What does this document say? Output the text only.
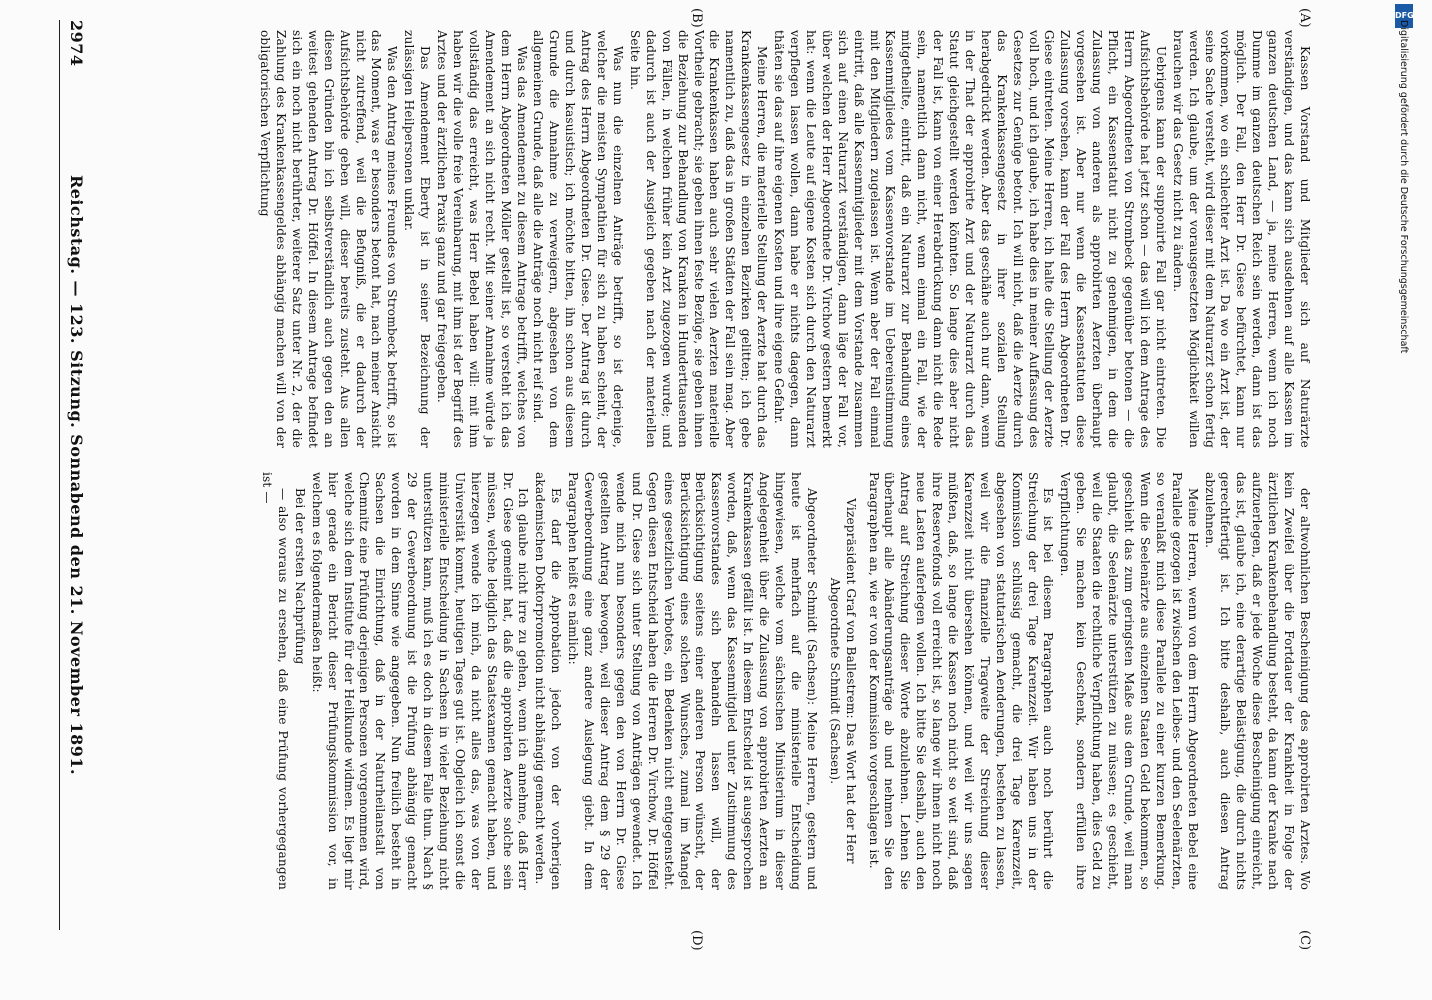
2974
Reichstag. — 123. Sitzung. Sonnabend den 21. November 1891.
(A)
(B)
(C)
(D)

Kassen Vorstand und Mitglieder sich auf Naturärzte verständigen, und das kann sich ausdehnen auf alle Kassen im ganzen deutschen Land, — ja, meine Herren, wenn ich noch Dumme im ganzen deutschen Reich sein werden, dann ist das möglich. Der Fall, den Herr Dr. Giese befürchtet, kann nur vorkommen, wo ein schlechter Arzt ist. Da wo ein Arzt ist, der seine Sache versteht, wird dieser mit dem Naturarzt schon fertig werden. Ich glaube, um der vorausgesetzten Möglichkeit willen brauchen wir das Gesetz nicht zu ändern.

Uebrigens kann der supponirte Fall gar nicht eintreten. Die Aufsichtsbehörde hat jetzt schon — das will ich dem Antrage des Herrn Abgeordneten von Strombeck gegenüber betonen — die Pflicht, ein Kassenstatut nicht zu genehmigen, in dem die Zulassung von anderen als approbirten Aerzten überhaupt vorgesehen ist. Aber nur wenn die Kassenstatuten diese Zulassung vorsehen, kann der Fall des Herrn Abgeordneten Dr. Giese eintreten. Meine Herren, ich halte die Stellung der Aerzte voll hoch, und ich glaube, ich habe dies in meiner Auffassung des Gesetzes zur Genüge betont. Ich will nicht, daß die Aerzte durch das Krankenkassengesetz in ihrer sozialen Stellung herabgedrückt werden. Aber das geschähe auch nur dann, wenn in der That der approbirte Arzt und der Naturarzt durch das Statut gleichgestellt werden könnten. So lange dies aber nicht der Fall ist, kann von einer Herabdrückung dann nicht die Rede sein, namentlich dann nicht, wenn einmal ein Fall, wie der mitgetheilte, eintritt, daß ein Naturarzt zur Behandlung eines Kassenmitgliedes vom Kassenvorstande im Uebereinstimmung mit den Mitgliedern zugelassen ist. Wenn aber der Fall einmal eintritt, daß alle Kassenmitglieder mit dem Vorstande zusammen sich auf einen Naturarzt verständigen, dann läge der Fall vor, über welchen der Herr Abgeordnete Dr. Virchow gestern bemerkt hat: wenn die Leute auf eigene Kosten sich durch den Naturarzt verpflegen lassen wollen, dann habe er nichts dagegen, dann thäten sie das auf ihre eigenen Kosten und ihre eigene Gefahr.

Meine Herren, die materielle Stellung der Aerzte hat durch das Krankenkassengesetz in einzelnen Bezirken gelitten; ich gebe namentlich zu, daß das in großen Städten der Fall sein mag. Aber die Krankenkassen haben auch sehr vielen Aerzten materielle Vortheile gebracht; sie geben ihnen feste Bezüge, sie geben ihnen die Beziehung zur Behandlung von Kranken in Hunderttausenden von Fällen, in welchen früher kein Arzt zugezogen wurde; und dadurch ist auch der Ausgleich gegeben nach der materiellen Seite hin.

Was nun die einzelnen Anträge betrifft, so ist derjenige, welcher die meisten Sympathien für sich zu haben scheint, der Antrag des Herrn Abgeordneten Dr. Giese. Der Antrag ist durch und durch kasuistisch; ich möchte bitten, ihn schon aus diesem Grunde die Annahme zu verweigern, abgesehen von dem allgemeinen Grunde, daß alle die Anträge noch nicht reif sind.

Was das Amendement zu diesem Antrage betrifft, welches von dem Herrn Abgeordneten Möller gestellt ist, so versteht ich das Amendement an sich nicht recht. Mit seiner Annahme würde ja vollständig das erreicht, was Herr Bebel haben will: mit ihm haben wir die volle freie Vereinbarung, mit ihm ist der Begriff des Arztes und der ärztlichen Praxis ganz und gar freigegeben.

Das Amendement Eberty ist in seiner Bezeichnung der zulässigen Heilpersonen unklar.

Was den Antrag meines Freundes von Strombeck betrifft, so ist das Moment, was er besonders betont hat, nach meiner Ansicht nicht zutreffend, weil die Befugniß, die er dadurch der Aufsichtsbehörde geben will, dieser bereits zusteht. Aus allen diesen Gründen bin ich selbstverständlich auch gegen den an weitest gehenden Antrag Dr. Höffel. In diesem Antrage befindet sich ein noch nicht berührter, weiterer Satz unter Nr. 2, der die Zahlung des Krankenkassengeldes abhängig machen will von der obligatorischen Verpflichtung

der altwohnlichen Bescheinigung des approbirten Arztes. Wo kein Zweifel über die Fortdauer der Krankheit in Folge der ärztlichen Krankenbehandlung besteht, da kann der Kranke nach aufzuerlegen, daß er jede Woche diese Bescheinigung einreicht, das ist, glaube ich, eine derartige Belästigung, die durch nichts gerechtfertigt ist. Ich bitte deshalb, auch diesen Antrag abzulehnen.

Meine Herren, wenn von dem Herrn Abgeordneten Bebel eine Parallele gezogen ist zwischen den Leibes- und den Seelenärzten, so veranlaßt mich diese Parallele zu einer kurzen Bemerkung. Wenn die Seelenärzte aus einzelnen Staaten Geld bekommen, so geschieht das zum geringsten Maße aus dem Grunde, weil man glaubt, die Seelenärzte unterstützen zu müssen; es geschieht, weil die Staaten die rechtliche Verpflichtung haben, dies Geld zu geben. Sie machen kein Geschenk, sondern erfüllen ihre Verpflichtungen.

Es ist bei diesem Paragraphen auch noch berührt die Streichung der drei Tage Karenzzeit. Wir haben uns in der Kommission schlüssig gemacht, die drei Tage Karenzzeit, abgesehen von statutarischen Aenderungen, bestehen zu lassen, weil wir die finanzielle Tragweite der Streichung dieser Karenzzeit nicht übersehen können, und weil wir uns sagen müßten, daß, so lange die Kassen noch nicht so weit sind, daß ihre Reservefonds voll erreicht ist, so lange wir ihnen nicht noch neue Lasten auferlegen wollen. Ich bitte Sie deshalb, auch den Antrag auf Streichung dieser Worte abzulehnen. Lehnen Sie überhaupt alle Abänderungsanträge ab und nehmen Sie den Paragraphen an, wie er von der Kommission vorgeschlagen ist.

Vizepräsident Graf von Ballestrem: Das Wort hat der Herr Abgeordnete Schmidt (Sachsen).

Abgeordneter Schmidt (Sachsen): Meine Herren, gestern und heute ist mehrfach auf die ministerielle Entscheidung hingewiesen, welche vom sächsischen Ministerium in dieser Angelegenheit über die Zulassung von approbirten Aerzten an Krankenkassen gefällt ist. In diesem Entscheid ist ausgesprochen worden, daß, wenn das Kassenmitglied unter Zustimmung des Kassenvorstandes sich behandeln lassen will, der Berücksichtigung seitens einer anderen Person wünscht, der Berücksichtigung eines solchen Wunsches, zumal im Mangel eines gesetzlichen Verbotes, ein Bedenken nicht entgegensteht. Gegen diesen Entscheid haben die Herren Dr. Virchow, Dr. Höffel und Dr. Giese sich unter Stellung von Anträgen gewendet. Ich wende mich nun besonders gegen den von Herrn Dr. Giese gestellten Antrag bewogen, weil dieser Antrag dem § 29 der Gewerbeordnung eine ganz andere Auslegung giebt. In dem Paragraphen heißt es nämlich:

Es darf die Approbation jedoch von der vorherigen akademischen Doktorpromotion nicht abhängig gemacht werden.

Ich glaube nicht irre zu gehen, wenn ich annehme, daß Herr Dr. Giese gemeint hat, daß die approbirten Aerzte solche sein müssen, welche lediglich das Staatsexamen gemacht haben, und hierzegen wende ich mich, da nicht alles das, was von der Universität kommt, heutigen Tages gut ist. Obgleich ich sonst die ministerielle Entscheidung in Sachsen in vieler Beziehung nicht unterstützen kann, muß ich es doch in diesem Falle thun. Nach § 29 der Gewerbeordnung ist die Prüfung abhängig gemacht worden in dem Sinne wie angegeben. Nun freilich besteht in Sachsen die Einrichtung, daß in der Naturheilanstalt von Chemnitz eine Prüfung derjenigen Personen vorgenommen wird, welche sich dem Institute für der Heilkunde widmen. Es liegt mir hier gerade ein Bericht dieser Prüfungskommission vor, in welchem es folgendermaßen heißt:

Bei der ersten Nachprüfung

— also woraus zu ersehen, daß eine Prüfung vorhergegangen ist —

DFG
Digitalisierung gefördert durch die Deutsche Forschungsgemeinschaft
